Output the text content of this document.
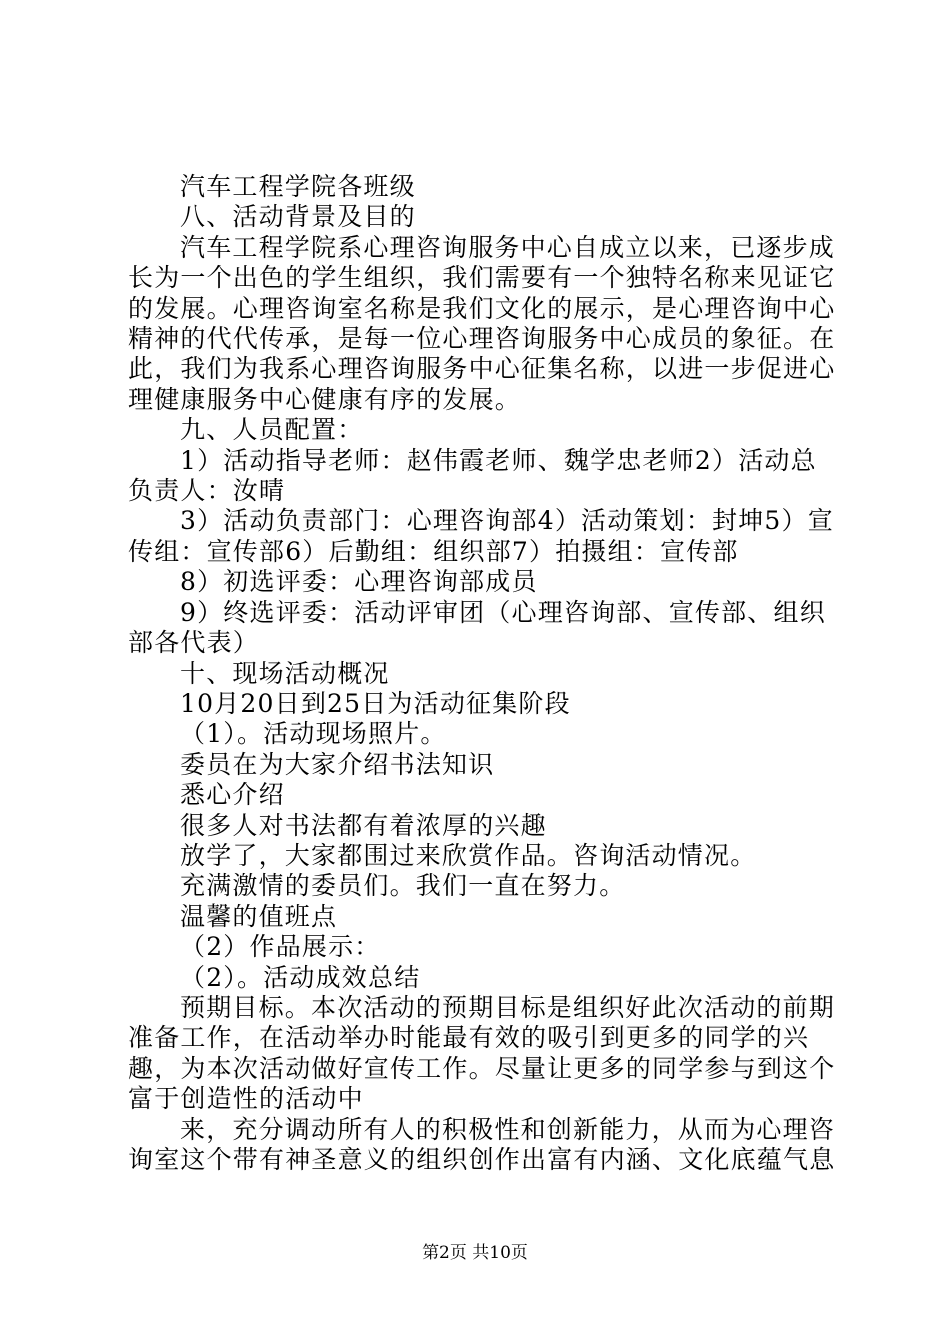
汽车工程学院各班级

八、活动背景及目的

汽车工程学院系心理咨询服务中心自成立以来，已逐步成长为一个出色的学生组织，我们需要有一个独特名称来见证它的发展。心理咨询室名称是我们文化的展示，是心理咨询中心精神的代代传承，是每一位心理咨询服务中心成员的象征。在此，我们为我系心理咨询服务中心征集名称，以进一步促进心理健康服务中心健康有序的发展。

九、人员配置：

1）活动指导老师：赵伟霞老师、魏学忠老师2）活动总负责人：汝晴

3）活动负责部门：心理咨询部4）活动策划：封坤5）宣传组：宣传部6）后勤组：组织部7）拍摄组：宣传部

8）初选评委：心理咨询部成员

9）终选评委：活动评审团（心理咨询部、宣传部、组织部各代表）

十、现场活动概况

10月20日到25日为活动征集阶段

（1）。活动现场照片。

委员在为大家介绍书法知识

悉心介绍

很多人对书法都有着浓厚的兴趣

放学了，大家都围过来欣赏作品。咨询活动情况。

充满激情的委员们。我们一直在努力。

温馨的值班点

（2）作品展示：

（2）。活动成效总结

预期目标。本次活动的预期目标是组织好此次活动的前期准备工作，在活动举办时能最有效的吸引到更多的同学的兴趣，为本次活动做好宣传工作。尽量让更多的同学参与到这个富于创造性的活动中

来，充分调动所有人的积极性和创新能力，从而为心理咨询室这个带有神圣意义的组织创作出富有内涵、文化底蕴气息

第2页 共10页
